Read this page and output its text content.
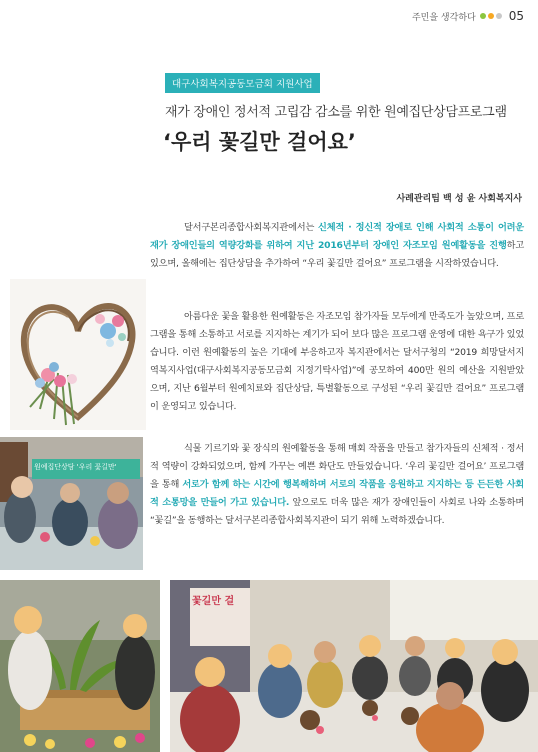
주민을 생각하다	05
대구사회복지공동모금회 지원사업
재가 장애인 정서적 고립감 감소를 위한 원예집단상담프로그램
‘우리 꽃길만 걸어요’
사례관리팀 백 성 윤 사회복지사

달서구본리종합사회복지관에서는 신체적 · 정신적 장애로 인해 사회적 소통이 어려운 재가 장애인들의 역량강화를 위하여 지난 2016년부터 장애인 자조모임 원예활동을 진행하고 있으며, 올해에는 집단상담을 추가하여 “우리 꽃길만 걸어요” 프로그램을 시작하였습니다.

아름다운 꽃을 활용한 원예활동은 자조모임 참가자들 모두에게 만족도가 높았으며, 프로그램을 통해 소통하고 서로를 지지하는 계기가 되어 보다 많은 프로그램 운영에 대한 욕구가 있었습니다. 이런 원예활동의 높은 기대에 부응하고자 복지관에서는 달서구청의 “2019 희망달서지역복지사업(대구사회복지공동모금회 지정기탁사업)”에 공모하여 400만 원의 예산을 지원받았으며, 지난 6월부터 원예치료와 집단상담, 특별활동으로 구성된 “우리 꽃길만 걸어요” 프로그램이 운영되고 있습니다.

식물 기르기와 꽃 장식의 원예활동을 통해 매회 작품을 만들고 참가자들의 신체적 · 정서적 역량이 강화되었으며, 함께 가꾸는 예쁜 화단도 만들었습니다. ‘우리 꽃길만 걸어요’ 프로그램을 통해 서로가 함께 하는 시간에 행복해하며 서로의 작품을 응원하고 지지하는 등 든든한 사회적 소통망을 만들어 가고 있습니다. 앞으로도 더욱 많은 재가 장애인들이 사회로 나와 소통하며 “꽃길”을 동행하는 달서구본리종합사회복지관이 되기 위해 노력하겠습니다.

원예집단상담 '우리 꽃길만'
꽃길만 걸
